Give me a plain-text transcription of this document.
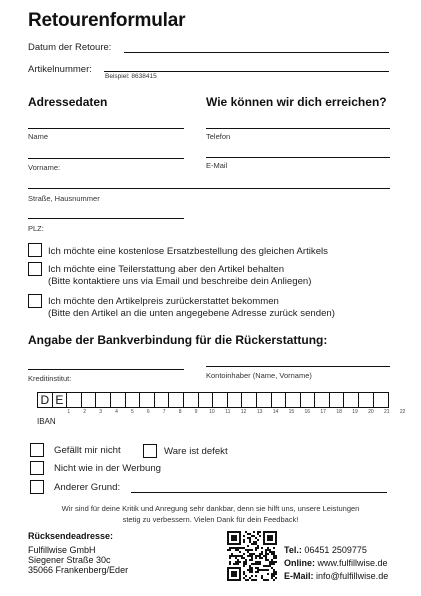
Retourenformular
Datum der Retoure:
Artikelnummer:
Beispiel: 8638415
Adressedaten	Wie können wir dich erreichen?
Name	Telefon
Vorname:	E-Mail
Straße, Hausnummer
PLZ:
Ich möchte eine kostenlose Ersatzbestellung des gleichen Artikels
Ich möchte eine Teilerstattung aber den Artikel behalten
(Bitte kontaktiere uns via Email und beschreibe dein Anliegen)
Ich möchte den Artikelpreis zurückerstattet bekommen
(Bitte den Artikel an die unten angegebene Adresse zurück senden)
Angabe der Bankverbindung für die Rückerstattung:
Kreditinstitut:	Kontoinhaber (Name, Vorname)
D E
1	2	3	4	5	6	7	8	9	10	11	12	13	14	15	16	17	18	19	20	21	22
IBAN
Gefällt mir nicht	Ware ist defekt
Nicht wie in der Werbung
Anderer Grund:
Wir sind für deine Kritik und Anregung sehr dankbar, denn sie hilft uns, unsere Leistungen
stetig zu verbessern. Vielen Dank für dein Feedback!
Rücksendeadresse:
Fulfillwise GmbH
Siegener Straße 30c
35066 Frankenberg/Eder
Tel.: 06451 2509775
Online: www.fulfillwise.de
E-Mail: info@fulfillwise.de
